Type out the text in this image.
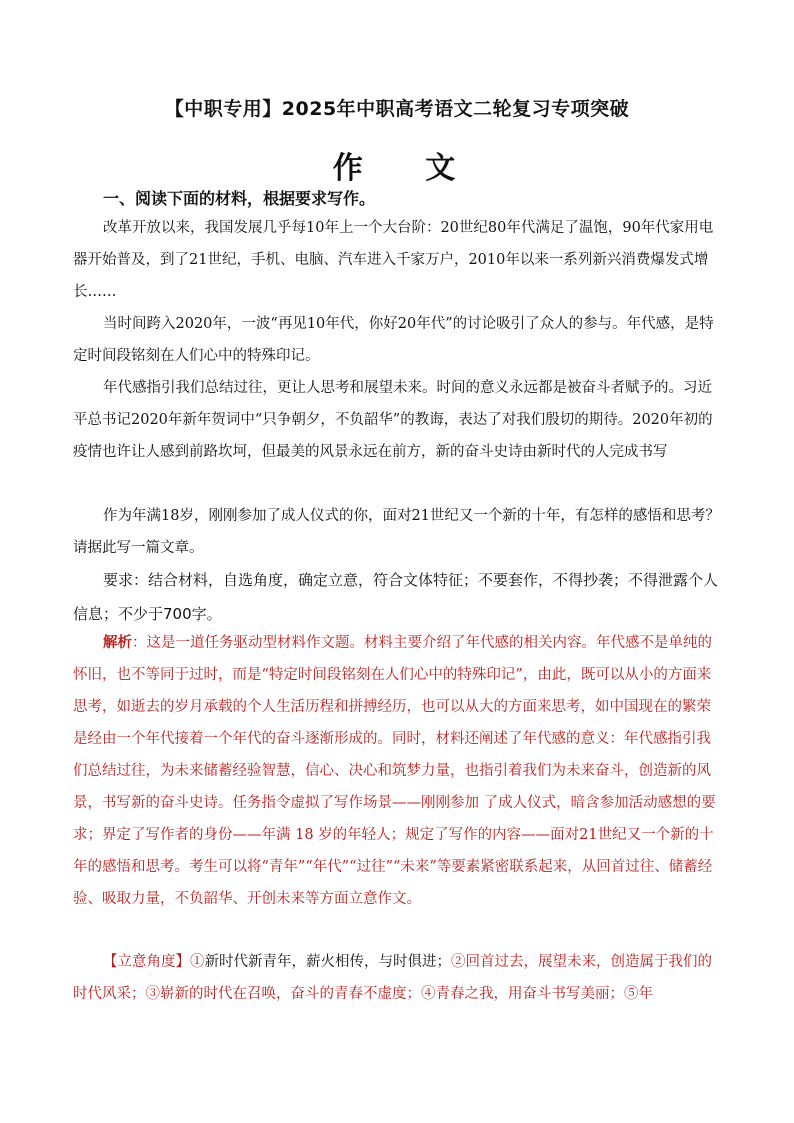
【中职专用】2025年中职高考语文二轮复习专项突破
作 文
一、阅读下面的材料，根据要求写作。
改革开放以来，我国发展几乎每10年上一个大台阶：20世纪80年代满足了温饱，90年代家用电器开始普及，到了21世纪，手机、电脑、汽车进入千家万户，2010年以来一系列新兴消费爆发式增长……
当时间跨入2020年，一波“再见10年代，你好20年代”的讨论吸引了众人的参与。年代感，是特定时间段铭刻在人们心中的特殊印记。
年代感指引我们总结过往，更让人思考和展望未来。时间的意义永远都是被奋斗者赋予的。习近平总书记2020年新年贺词中“只争朝夕，不负韶华”的教诲，表达了对我们殷切的期待。2020年初的疫情也许让人感到前路坎坷，但最美的风景永远在前方，新的奋斗史诗由新时代的人完成书写
作为年满18岁，刚刚参加了成人仪式的你，面对21世纪又一个新的十年，有怎样的感悟和思考？请据此写一篇文章。
要求：结合材料，自选角度，确定立意，符合文体特征；不要套作，不得抄袭；不得泄露个人信息；不少于700字。
解析：这是一道任务驱动型材料作文题。材料主要介绍了年代感的相关内容。年代感不是单纯的怀旧，也不等同于过时，而是“特定时间段铭刻在人们心中的特殊印记”，由此，既可以从小的方面来思考，如逝去的岁月承载的个人生活历程和拼搏经历，也可以从大的方面来思考，如中国现在的繁荣是经由一个年代接着一个年代的奋斗逐渐形成的。同时，材料还阐述了年代感的意义：年代感指引我们总结过往，为未来储蓄经验智慧，信心、决心和筑梦力量，也指引着我们为未来奋斗，创造新的风景，书写新的奋斗史诗。任务指令虚拟了写作场景——刚刚参加 了成人仪式，暗含参加活动感想的要求；界定了写作者的身份——年满 18 岁的年轻人；规定了写作的内容——面对21世纪又一个新的十年的感悟和思考。考生可以将“青年”“年代”“过往”“未来”等要素紧密联系起来，从回首过往、储蓄经验、吸取力量，不负韶华、开创未来等方面立意作文。
【立意角度】①新时代新青年，薪火相传，与时俱进；②回首过去，展望未来，创造属于我们的时代风采；③崭新的时代在召唤，奋斗的青春不虚度；④青春之我，用奋斗书写美丽；⑤年
